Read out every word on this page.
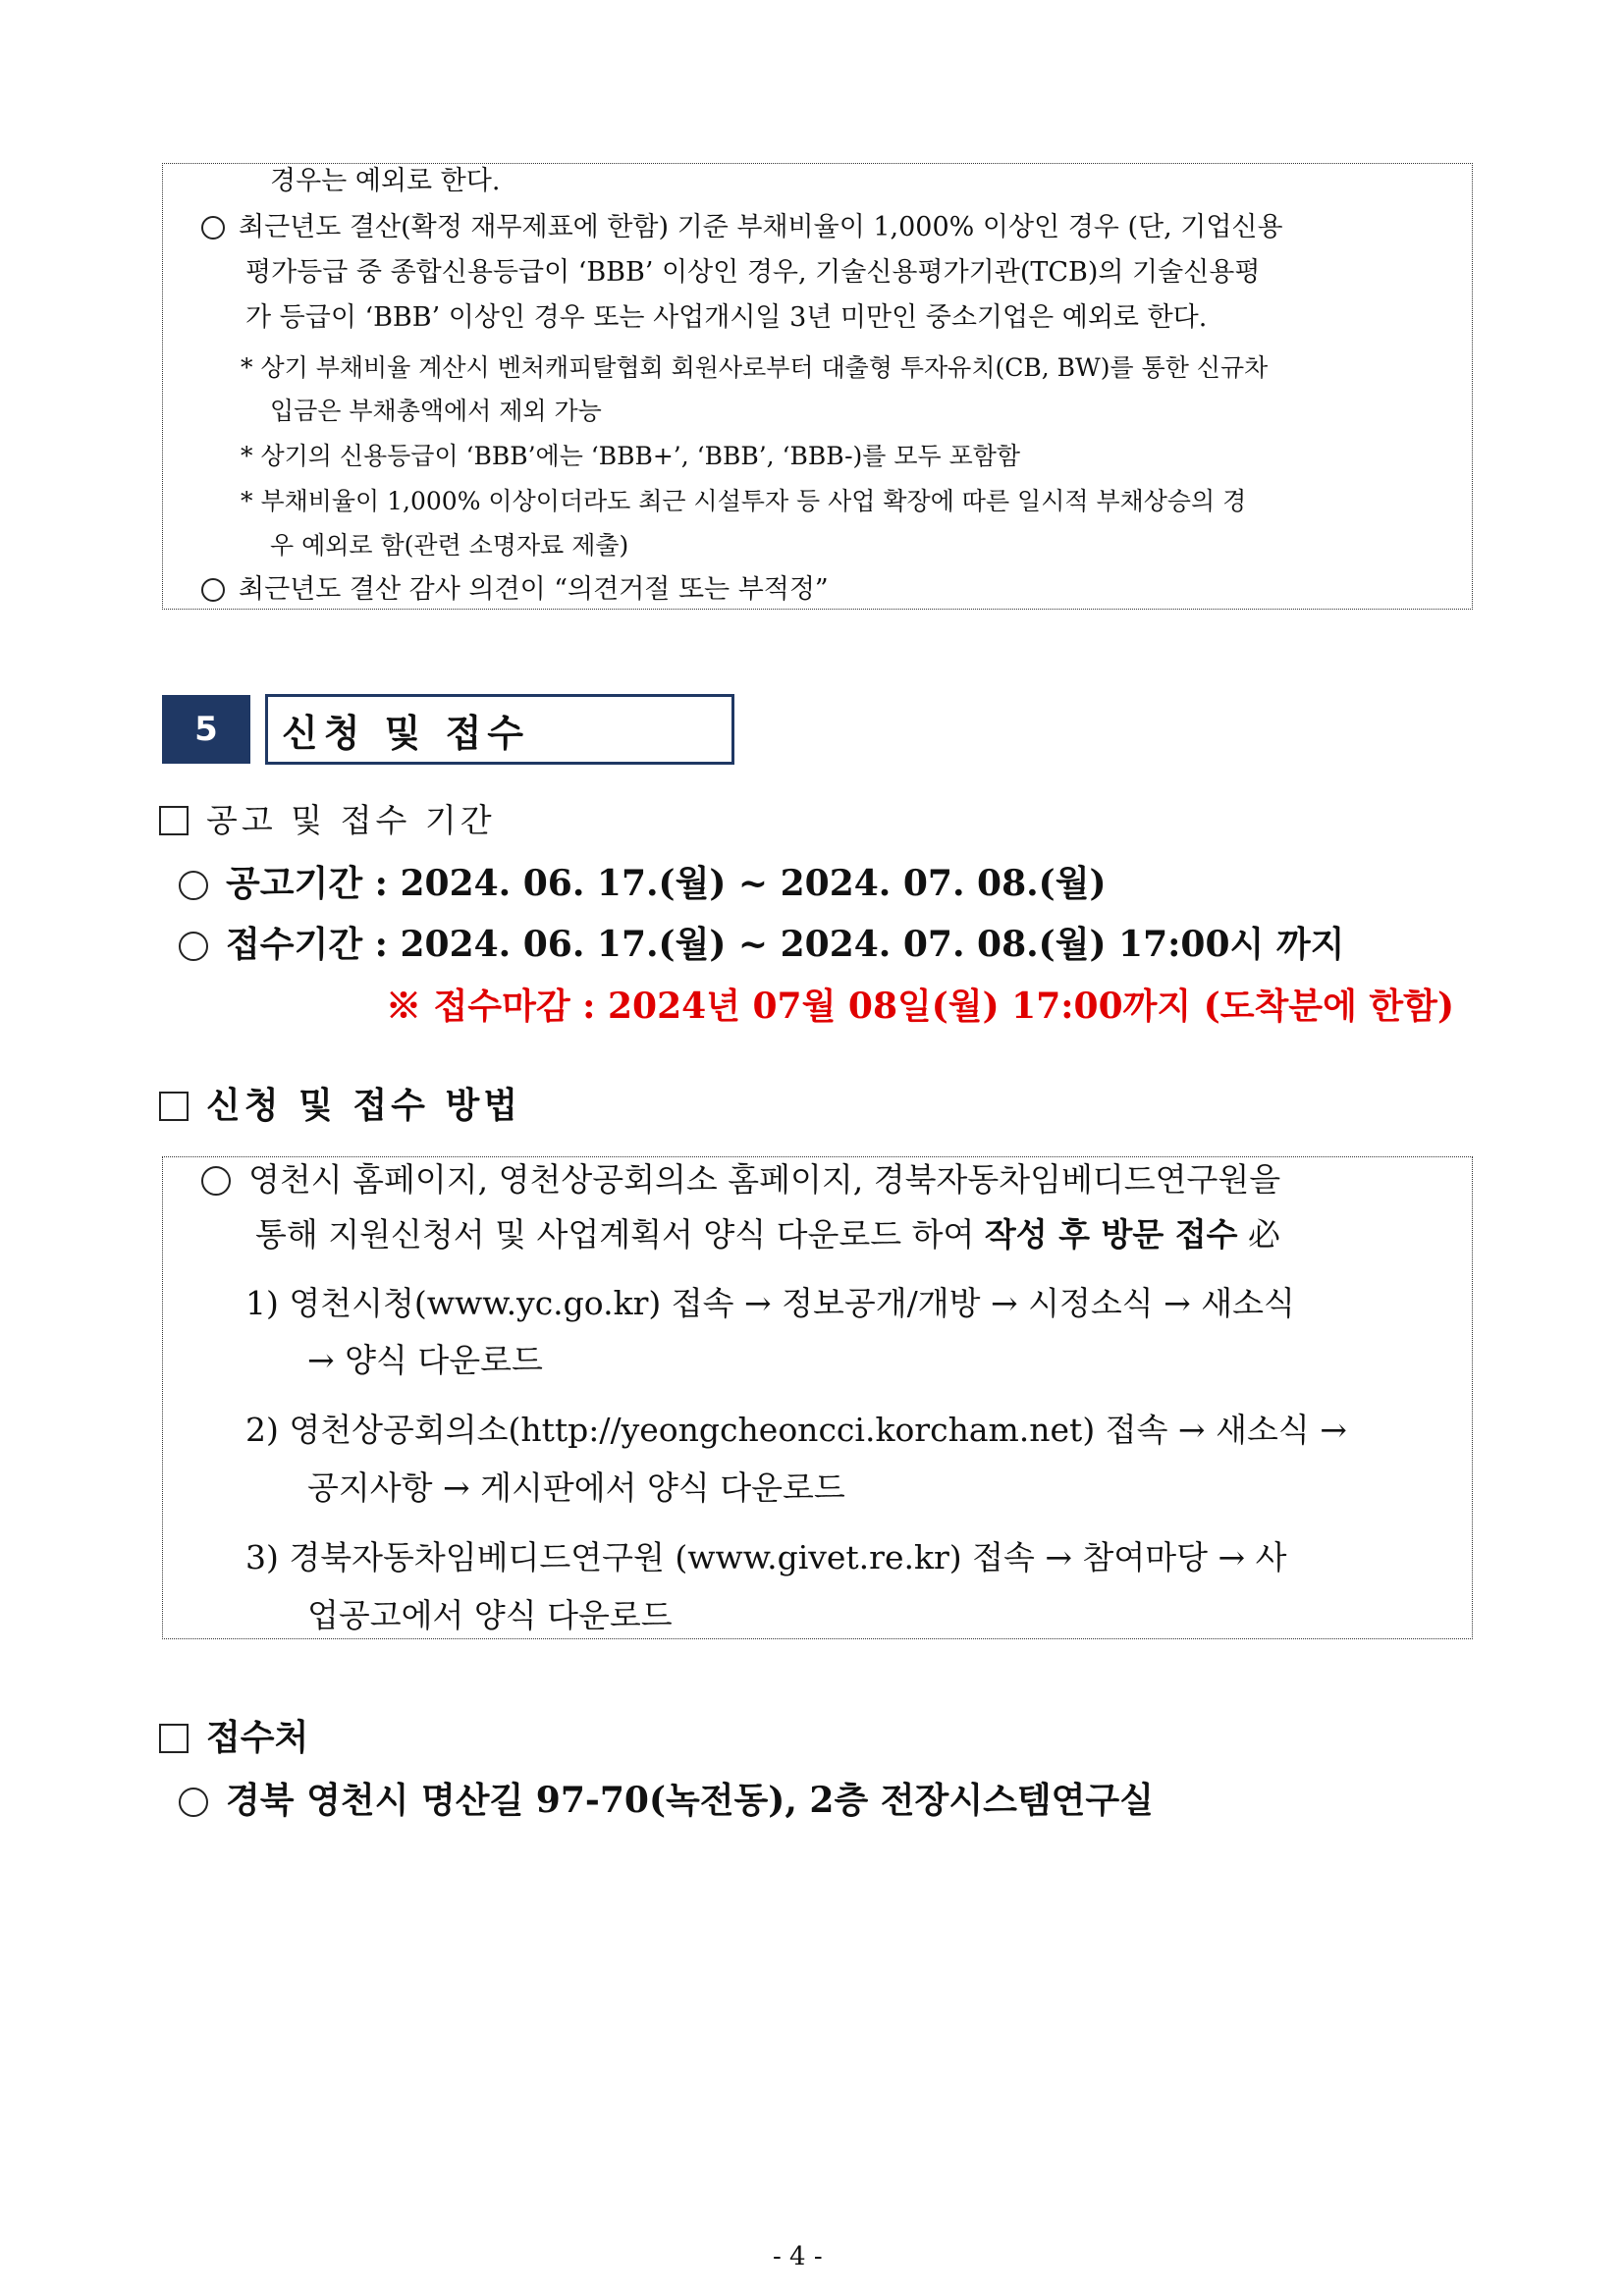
경우는 예외로 한다.
최근년도 결산(확정 재무제표에 한함) 기준 부채비율이 1,000% 이상인 경우 (단, 기업신용
평가등급 중 종합신용등급이 ‘BBB’ 이상인 경우, 기술신용평가기관(TCB)의 기술신용평
가 등급이 ‘BBB’ 이상인 경우 또는 사업개시일 3년 미만인 중소기업은 예외로 한다.
* 상기 부채비율 계산시 벤처캐피탈협회 회원사로부터 대출형 투자유치(CB, BW)를 통한 신규차
입금은 부채총액에서 제외 가능
* 상기의 신용등급이 ‘BBB’에는 ‘BBB+’, ‘BBB’, ‘BBB-)를 모두 포함함
* 부채비율이 1,000% 이상이더라도 최근 시설투자 등 사업 확장에 따른 일시적 부채상승의 경
우 예외로 함(관련 소명자료 제출)
최근년도 결산 감사 의견이 “의견거절 또는 부적정”
5 신청 및 접수
공고 및 접수 기간
공고기간 : 2024. 06. 17.(월) ~ 2024. 07. 08.(월)
접수기간 : 2024. 06. 17.(월) ~ 2024. 07. 08.(월) 17:00시 까지
※ 접수마감 : 2024년 07월 08일(월) 17:00까지 (도착분에 한함)
신청 및 접수 방법
영천시 홈페이지, 영천상공회의소 홈페이지, 경북자동차임베디드연구원을
통해 지원신청서 및 사업계획서 양식 다운로드 하여 작성 후 방문 접수 必
1) 영천시청(www.yc.go.kr) 접속 → 정보공개/개방 → 시정소식 → 새소식
→ 양식 다운로드
2) 영천상공회의소(http://yeongcheoncci.korcham.net) 접속 → 새소식 →
공지사항 → 게시판에서 양식 다운로드
3) 경북자동차임베디드연구원 (www.givet.re.kr) 접속 → 참여마당 → 사
업공고에서 양식 다운로드
접수처
경북 영천시 명산길 97-70(녹전동), 2층 전장시스템연구실
- 4 -
